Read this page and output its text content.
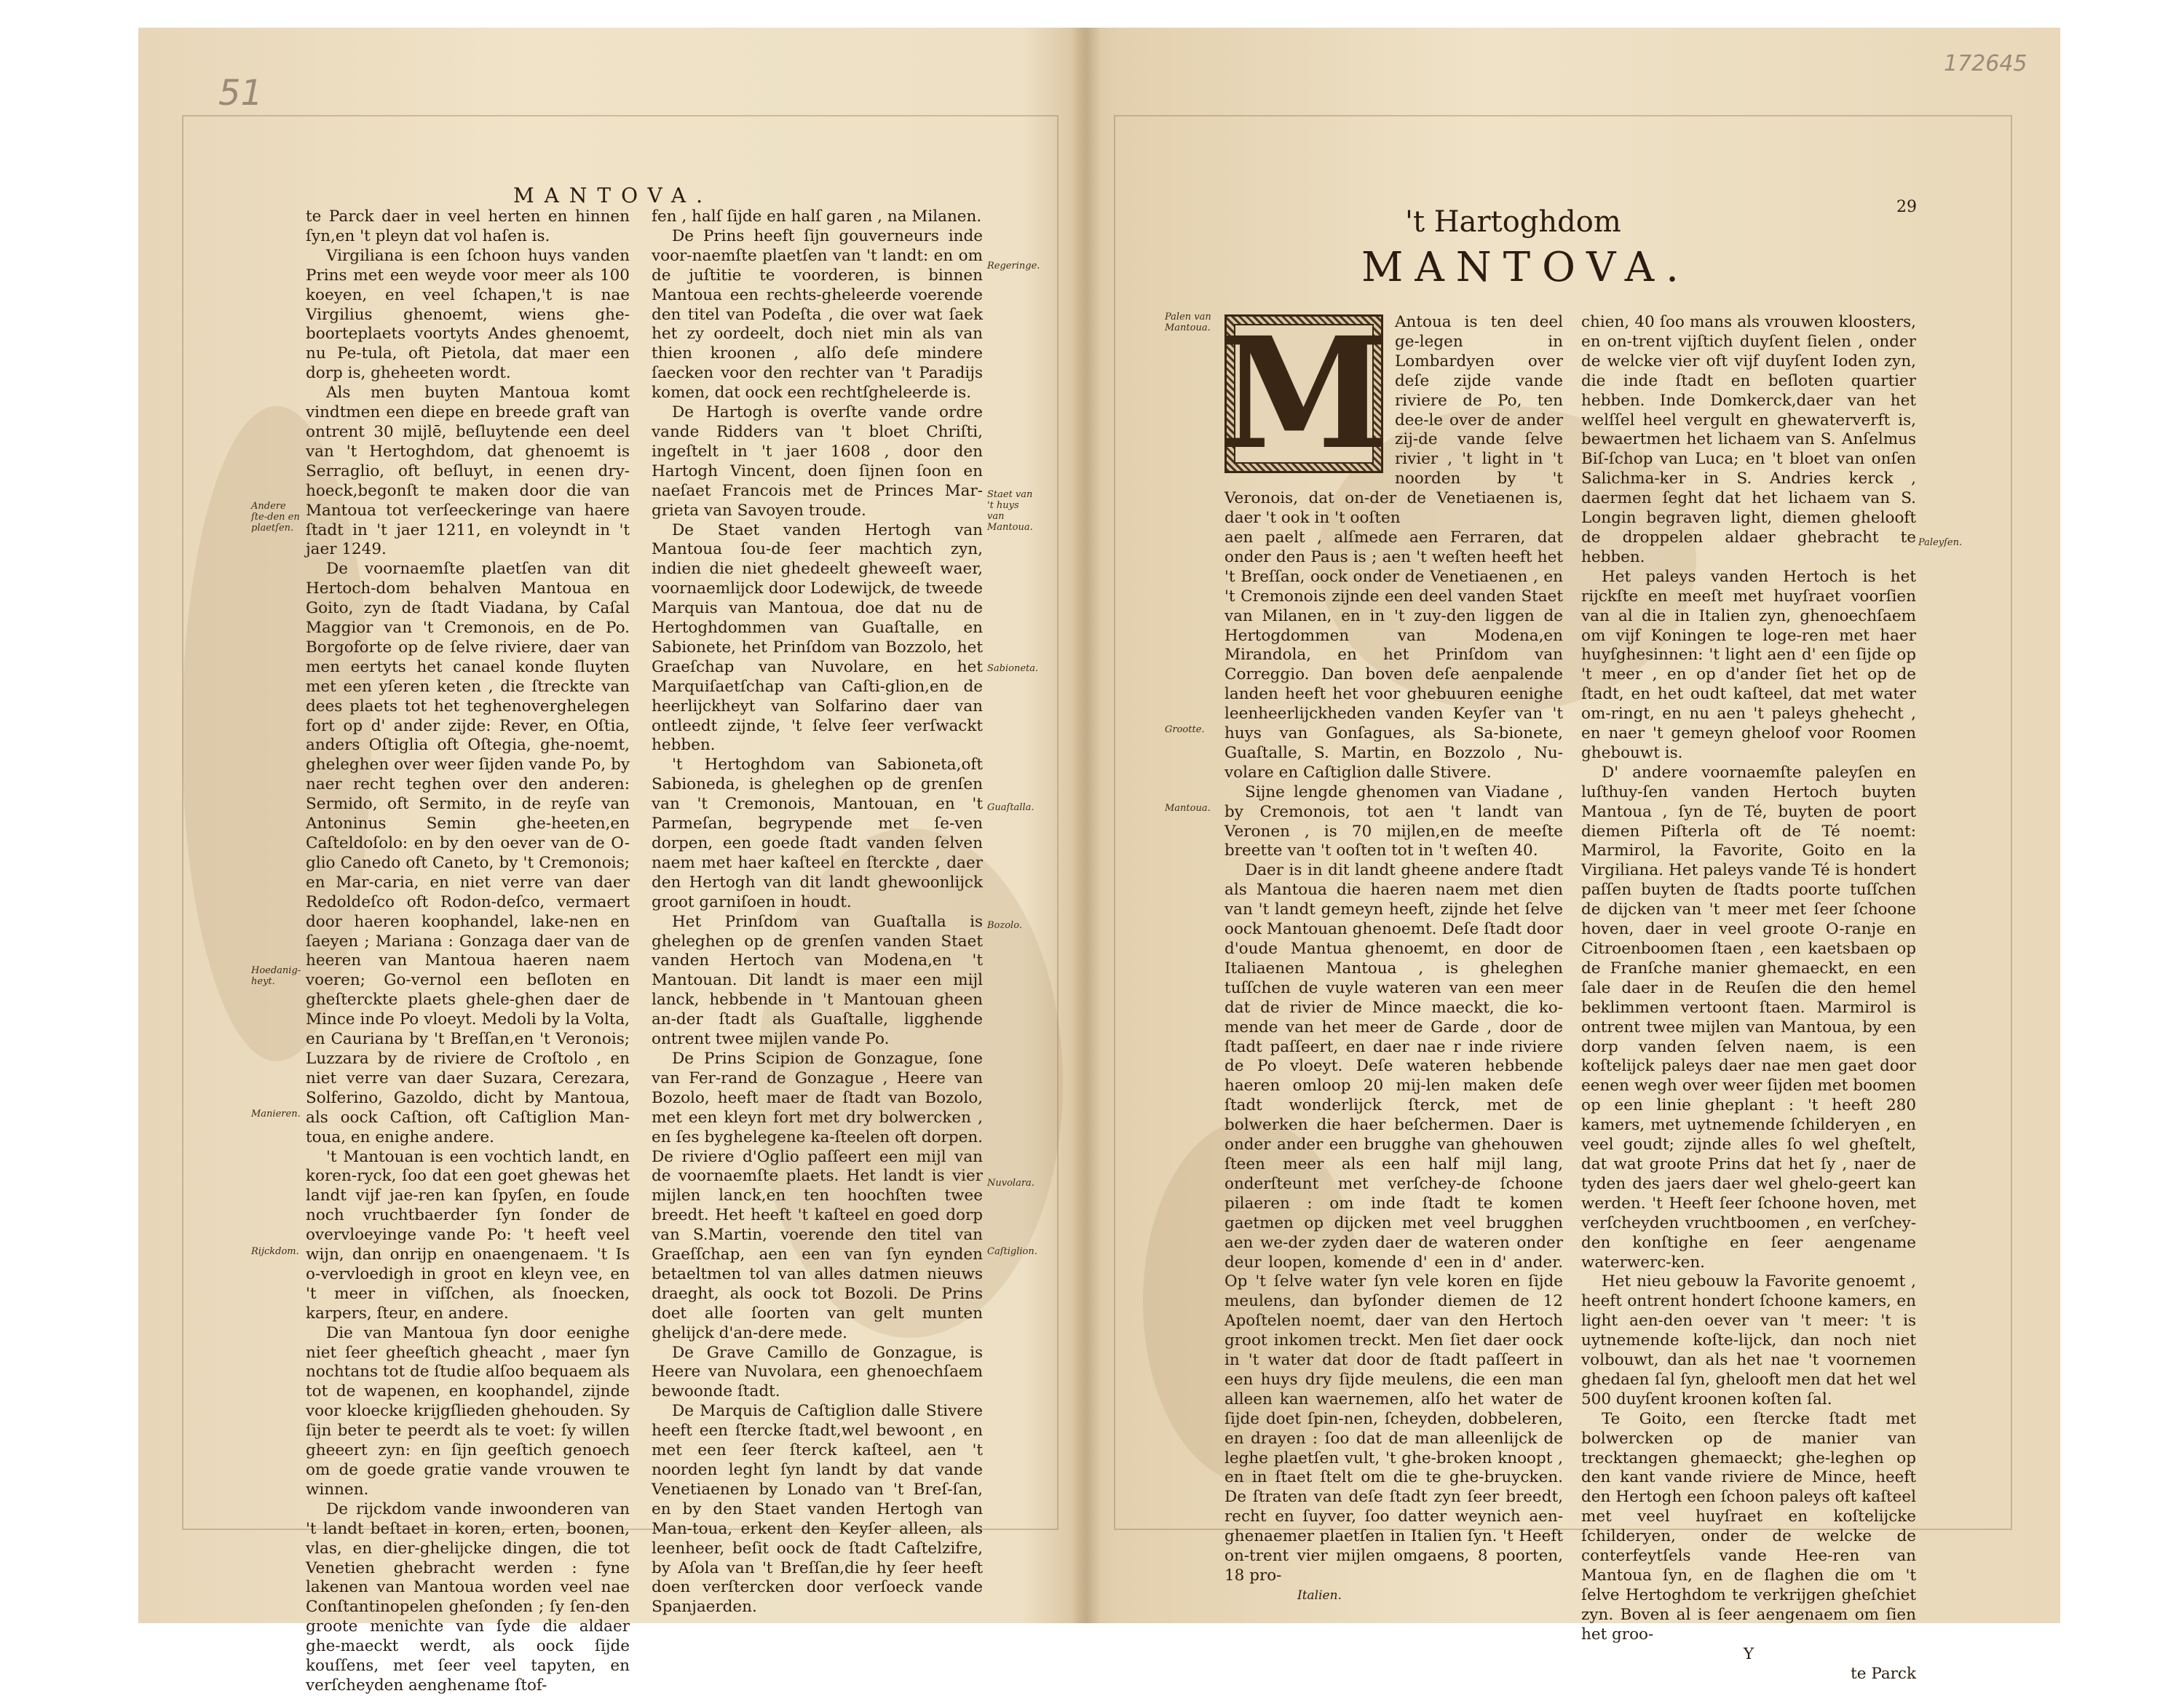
51
172645
MANTOVA.

te Parck daer in veel herten en hinnen ſyn,en 't pleyn dat vol haſen is.

Virgiliana is een ſchoon huys vanden Prins met een weyde voor meer als 100 koeyen, en veel ſchapen,'t is nae Virgilius ghenoemt, wiens ghe-boorteplaets voortyts Andes ghenoemt, nu Pe-tula, oft Pietola, dat maer een dorp is, gheheeten wordt.

Als men buyten Mantoua komt vindtmen een diepe en breede graft van ontrent 30 mijlē, beſluytende een deel van 't Hertoghdom, dat ghenoemt is Serraglio, oft beſluyt, in eenen dry-hoeck,begonſt te maken door die van Mantoua tot verſeeckeringe van haere ſtadt in 't jaer 1211, en voleyndt in 't jaer 1249.

De voornaemſte plaetſen van dit Hertoch-dom behalven Mantoua en Goito, zyn de ſtadt Viadana, by Caſal Maggior van 't Cremonois, en de Po. Borgoforte op de ſelve riviere, daer van men eertyts het canael konde ſluyten met een yſeren keten , die ſtreckte van dees plaets tot het teghenoverghelegen fort op d' ander zijde: Rever, en Oſtia, anders Oſtiglia oft Oſtegia, ghe-noemt, gheleghen over weer ſijden vande Po, by naer recht teghen over den anderen: Sermido, oft Sermito, in de reyſe van Antoninus Semin ghe-heeten,en Caſteldoſolo: en by den oever van de O-glio Canedo oft Caneto, by 't Cremonois; en Mar-caria, en niet verre van daer Redoldeſco oft Rodon-deſco, vermaert door haeren koophandel, lake-nen en ſaeyen ; Mariana : Gonzaga daer van de heeren van Mantoua haeren naem voeren; Go-vernol een beſloten en gheſterckte plaets ghele-ghen daer de Mince inde Po vloeyt. Medoli by la Volta, en Cauriana by 't Breſſan,en 't Veronois; Luzzara by de riviere de Croſtolo , en niet verre van daer Suzara, Cerezara, Solferino, Gazoldo, dicht by Mantoua, als oock Caſtion, oft Caſtiglion Man-toua, en enighe andere.

't Mantouan is een vochtich landt, en koren-ryck, ſoo dat een goet ghewas het landt vijf jae-ren kan ſpyſen, en ſoude noch vruchtbaerder ſyn ſonder de overvloeyinge vande Po: 't heeft veel wijn, dan onrijp en onaengenaem. 't Is o-vervloedigh in groot en kleyn vee, en 't meer in viſſchen, als ſnoecken, karpers, ſteur, en andere.

Die van Mantoua ſyn door eenighe niet ſeer gheeſtich gheacht , maer ſyn nochtans tot de ſtudie alſoo bequaem als tot de wapenen, en koophandel, zijnde voor kloecke krijgſlieden ghehouden. Sy ſijn beter te peerdt als te voet: ſy willen gheeert zyn: en ſijn geeſtich genoech om de goede gratie vande vrouwen te winnen.

De rijckdom vande inwoonderen van 't landt beſtaet in koren, erten, boonen, vlas, en dier-ghelijcke dingen, die tot Venetien ghebracht werden : fyne lakenen van Mantoua worden veel nae Conſtantinopelen gheſonden ; ſy ſen-den groote menichte van ſyde die aldaer ghe-maeckt werdt, als oock ſijde kouſſens, met ſeer veel tapyten, en verſcheyden aenghename ſtof-

Andere ſte-den en plaetſen.
Hoedanig-heyt.
Manieren.
Rijckdom.

fen , halſ ſijde en halſ garen , na Milanen.

De Prins heeft ſijn gouverneurs inde voor-naemſte plaetſen van 't landt: en om de juſtitie te voorderen, is binnen Mantoua een rechts-gheleerde voerende den titel van Podeſta , die over wat ſaek het zy oordeelt, doch niet min als van thien kroonen , alſo deſe mindere ſaecken voor den rechter van 't Paradijs komen, dat oock een rechtſgheleerde is.

De Hartogh is overſte vande ordre vande Ridders van 't bloet Chriſti, ingeſtelt in 't jaer 1608 , door den Hartogh Vincent, doen ſijnen ſoon en naeſaet Francois met de Princes Mar-grieta van Savoyen troude.

De Staet vanden Hertogh van Mantoua ſou-de ſeer machtich zyn, indien die niet ghedeelt gheweeſt waer, voornaemlijck door Lodewijck, de tweede Marquis van Mantoua, doe dat nu de Hertoghdommen van Guaſtalle, en Sabionete, het Prinſdom van Bozzolo, het Graeſchap van Nuvolare, en het Marquiſaetſchap van Caſti-glion,en de heerlijckheyt van Solfarino daer van ontleedt zijnde, 't ſelve ſeer verſwackt hebben.

't Hertoghdom van Sabioneta,oft Sabioneda, is gheleghen op de grenſen van 't Cremonois, Mantouan, en 't Parmeſan, begrypende met ſe-ven dorpen, een goede ſtadt vanden ſelven naem met haer kaſteel en ſterckte , daer den Hertogh van dit landt ghewoonlijck groot garniſoen in houdt.

Het Prinſdom van Guaſtalla is gheleghen op de grenſen vanden Staet vanden Hertoch van Modena,en 't Mantouan. Dit landt is maer een mijl lanck, hebbende in 't Mantouan gheen an-der ſtadt als Guaſtalle, ligghende ontrent twee mijlen vande Po.

De Prins Scipion de Gonzague, ſone van Fer-rand de Gonzague , Heere van Bozolo, heeft maer de ſtadt van Bozolo, met een kleyn fort met dry bolwercken , en ſes byghelegene ka-ſteelen oft dorpen. De riviere d'Oglio paſſeert een mijl van de voornaemſte plaets. Het landt is vier mijlen lanck,en ten hoochſten twee breedt. Het heeft 't kaſteel en goed dorp van S.Martin, voerende den titel van Graeſſchap, aen een van ſyn eynden betaeltmen tol van alles datmen nieuws draeght, als oock tot Bozoli. De Prins doet alle ſoorten van gelt munten ghelijck d'an-dere mede.

De Grave Camillo de Gonzague, is Heere van Nuvolara, een ghenoechſaem bewoonde ſtadt.

De Marquis de Caſtiglion dalle Stivere heeft een ſtercke ſtadt,wel bewoont , en met een ſeer ſterck kaſteel, aen 't noorden leght ſyn landt by dat vande Venetiaenen by Lonado van 't Breſ-ſan, en by den Staet vanden Hertogh van Man-toua, erkent den Keyſer alleen, als leenheer, beſit oock de ſtadt Caſtelzifre, by Aſola van 't Breſſan,die hy ſeer heeft doen verſtercken door verſoeck vande Spanjaerden.

Regeringe.
Staet van 't huys van Mantoua.
Sabioneta.
Guaſtalla.
Bozolo.
Nuvolara.
Caſtiglion.
29
't Hartoghdom
MANTOVA.
Palen van Mantoua.
Grootte.
Mantoua.
Paleyſen.
M Antoua is ten deel ge-legen in Lombardyen over deſe zijde vande riviere de Po, ten dee-le over de ander zij-de vande ſelve rivier , 't light in 't noorden by 't Veronois, dat on-der de Venetiaenen is, daer 't ook in 't ooſten

aen paelt , alſmede aen Ferraren, dat onder den Paus is ; aen 't weſten heeft het 't Breſſan, oock onder de Venetiaenen , en 't Cremonois zijnde een deel vanden Staet van Milanen, en in 't zuy-den liggen de Hertogdommen van Modena,en Mirandola, en het Prinſdom van Correggio. Dan boven deſe aenpalende landen heeft het voor ghebuuren eenighe leenheerlijckheden vanden Keyſer van 't huys van Gonſagues, als Sa-bionete, Guaſtalle, S. Martin, en Bozzolo , Nu-volare en Caſtiglion dalle Stivere.

Sijne lengde ghenomen van Viadane , by Cremonois, tot aen 't landt van Veronen , is 70 mijlen,en de meeſte breette van 't ooſten tot in 't weſten 40.

Daer is in dit landt gheene andere ſtadt als Mantoua die haeren naem met dien van 't landt gemeyn heeft, zijnde het ſelve oock Mantouan ghenoemt. Deſe ſtadt door d'oude Mantua ghenoemt, en door de Italiaenen Mantoua , is gheleghen tuſſchen de vuyle wateren van een meer dat de rivier de Mince maeckt, die ko-mende van het meer de Garde , door de ſtadt paſſeert, en daer nae r inde riviere de Po vloeyt. Deſe wateren hebbende haeren omloop 20 mij-len maken deſe ſtadt wonderlijck ſterck, met de bolwerken die haer beſchermen. Daer is onder ander een brugghe van ghehouwen ſteen meer als een half mijl lang, onderſteunt met verſchey-de ſchoone pilaeren : om inde ſtadt te komen gaetmen op dijcken met veel brugghen aen we-der zyden daer de wateren onder deur loopen, komende d' een in d' ander. Op 't ſelve water ſyn vele koren en ſijde meulens, dan byſonder diemen de 12 Apoſtelen noemt, daer van den Hertoch groot inkomen treckt. Men ſiet daer oock in 't water dat door de ſtadt paſſeert in een huys dry ſijde meulens, die een man alleen kan waernemen, alſo het water de ſijde doet ſpin-nen, ſcheyden, dobbeleren, en drayen : ſoo dat de man alleenlijck de leghe plaetſen vult, 't ghe-broken knoopt , en in ſtaet ſtelt om die te ghe-bruycken. De ſtraten van deſe ſtadt zyn ſeer breedt, recht en ſuyver, ſoo datter weynich aen-ghenaemer plaetſen in Italien ſyn. 't Heeft on-trent vier mijlen omgaens, 8 poorten, 18 pro-

Italien.

chien, 40 ſoo mans als vrouwen kloosters, en on-trent vijſtich duyſent ſielen , onder de welcke vier oft vijf duyſent Ioden zyn, die inde ſtadt en beſloten quartier hebben. Inde Domkerck,daer van het welſſel heel vergult en ghewaterverft is, bewaertmen het lichaem van S. Anſelmus Biſ-ſchop van Luca; en 't bloet van onſen Salichma-ker in S. Andries kerck , daermen ſeght dat het lichaem van S. Longin begraven light, diemen ghelooft de droppelen aldaer ghebracht te hebben.

Het paleys vanden Hertoch is het rijckſte en meeſt met huyſraet voorſien van al die in Italien zyn, ghenoechſaem om vijf Koningen te loge-ren met haer huyſghesinnen: 't light aen d' een ſijde op 't meer , en op d'ander ſiet het op de ſtadt, en het oudt kaſteel, dat met water om-ringt, en nu aen 't paleys ghehecht , en naer 't gemeyn gheloof voor Roomen ghebouwt is.

D' andere voornaemſte paleyſen en luſthuy-ſen vanden Hertoch buyten Mantoua , ſyn de Té, buyten de poort diemen Piſterla oft de Té noemt: Marmirol, la Favorite, Goito en la Virgiliana. Het paleys vande Té is hondert paſſen buyten de ſtadts poorte tuſſchen de dijcken van 't meer met ſeer ſchoone hoven, daer in veel groote O-ranje en Citroenboomen ſtaen , een kaetsbaen op de Franſche manier ghemaeckt, en een ſale daer in de Reuſen die den hemel beklimmen vertoont ſtaen. Marmirol is ontrent twee mijlen van Mantoua, by een dorp vanden ſelven naem, is een koſtelijck paleys daer nae men gaet door eenen wegh over weer ſijden met boomen op een linie gheplant : 't heeft 280 kamers, met uytnemende ſchilderyen , en veel goudt; zijnde alles ſo wel gheſtelt, dat wat groote Prins dat het ſy , naer de tyden des jaers daer wel ghelo-geert kan werden. 't Heeft ſeer ſchoone hoven, met verſcheyden vruchtboomen , en verſchey-den konſtighe en ſeer aengename waterwerc-ken.

Het nieu gebouw la Favorite genoemt , heeft ontrent hondert ſchoone kamers, en light aen-den oever van 't meer: 't is uytnemende koſte-lijck, dan noch niet volbouwt, dan als het nae 't voornemen ghedaen ſal ſyn, ghelooft men dat het wel 500 duyſent kroonen koſten ſal.

Te Goito, een ſtercke ſtadt met bolwercken op de manier van trecktangen ghemaeckt; ghe-leghen op den kant vande riviere de Mince, heeft den Hertogh een ſchoon paleys oft kaſteel met veel huyſraet en koſtelijcke ſchilderyen, onder de welcke de conterfeytſels vande Hee-ren van Mantoua ſyn, en de ſlaghen die om 't ſelve Hertoghdom te verkrijgen gheſchiet zyn. Boven al is ſeer aengenaem om ſien het groo-

Y
te Parck
